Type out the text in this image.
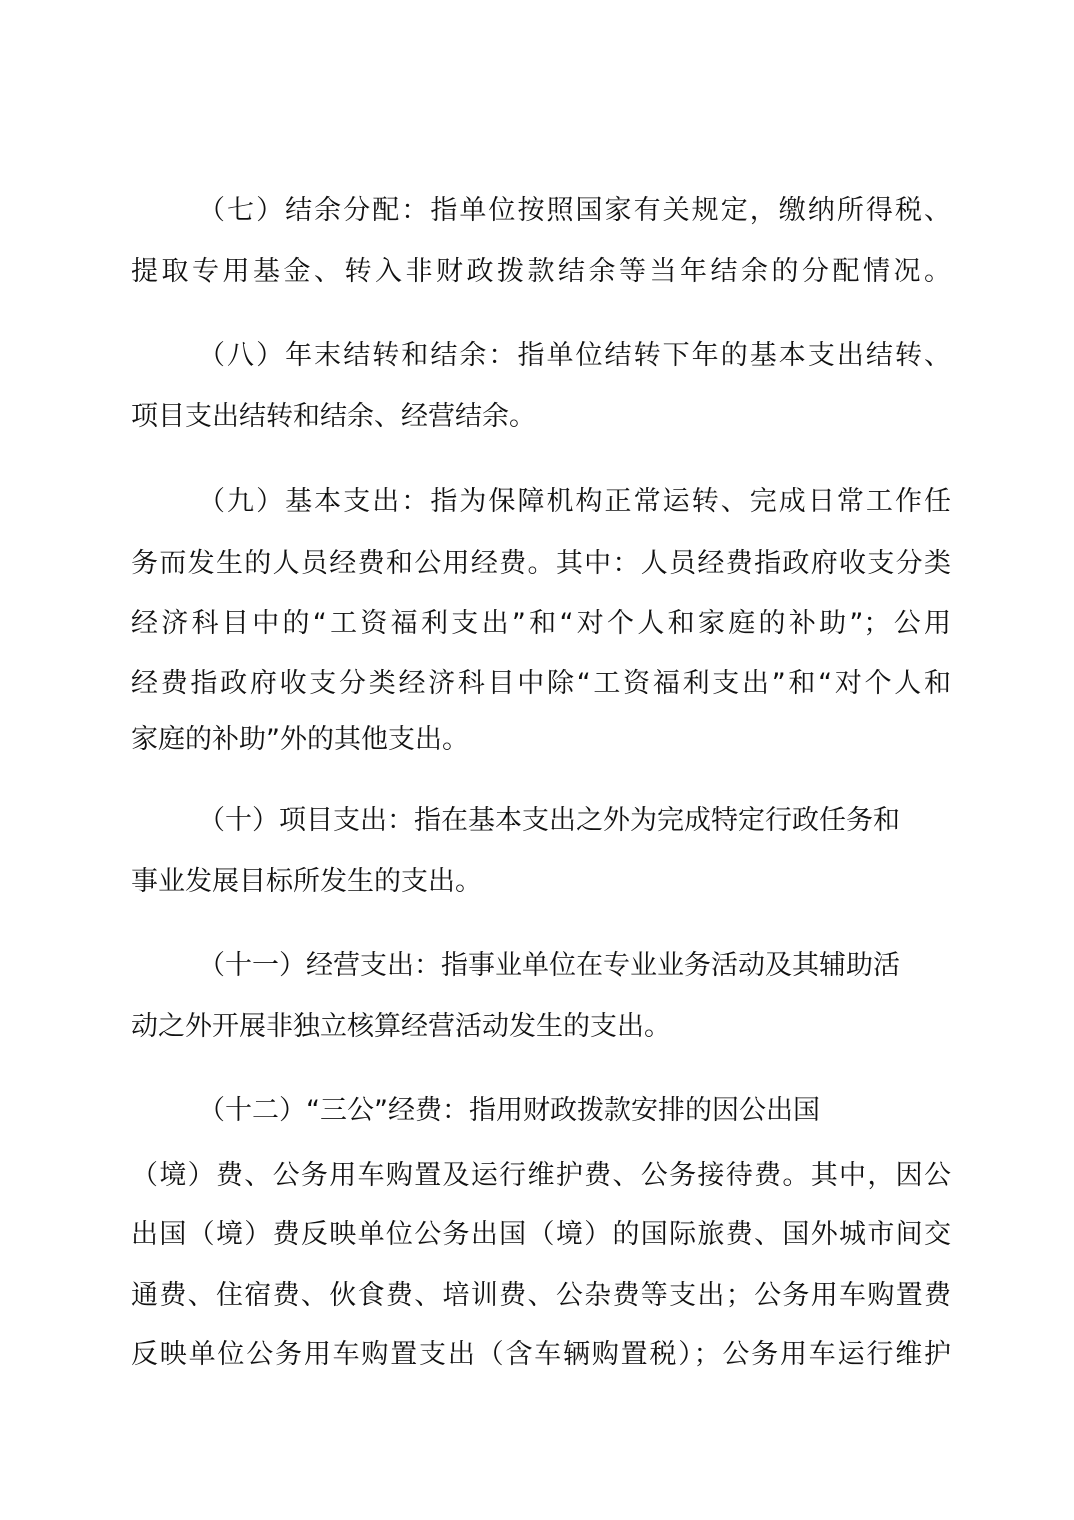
（七）结余分配：指单位按照国家有关规定，缴纳所得税、
提取专用基金、转入非财政拨款结余等当年结余的分配情况。
（八）年末结转和结余：指单位结转下年的基本支出结转、
项目支出结转和结余、经营结余。
（九）基本支出：指为保障机构正常运转、完成日常工作任
务而发生的人员经费和公用经费。其中：人员经费指政府收支分类
经济科目中的“工资福利支出”和“对个人和家庭的补助”；公用
经费指政府收支分类经济科目中除“工资福利支出”和“对个人和
家庭的补助”外的其他支出。
（十）项目支出：指在基本支出之外为完成特定行政任务和
事业发展目标所发生的支出。
（十一）经营支出：指事业单位在专业业务活动及其辅助活
动之外开展非独立核算经营活动发生的支出。
（十二）“三公”经费：指用财政拨款安排的因公出国
（境）费、公务用车购置及运行维护费、公务接待费。其中，因公
出国（境）费反映单位公务出国（境）的国际旅费、国外城市间交
通费、住宿费、伙食费、培训费、公杂费等支出；公务用车购置费
反映单位公务用车购置支出（含车辆购置税）；公务用车运行维护
